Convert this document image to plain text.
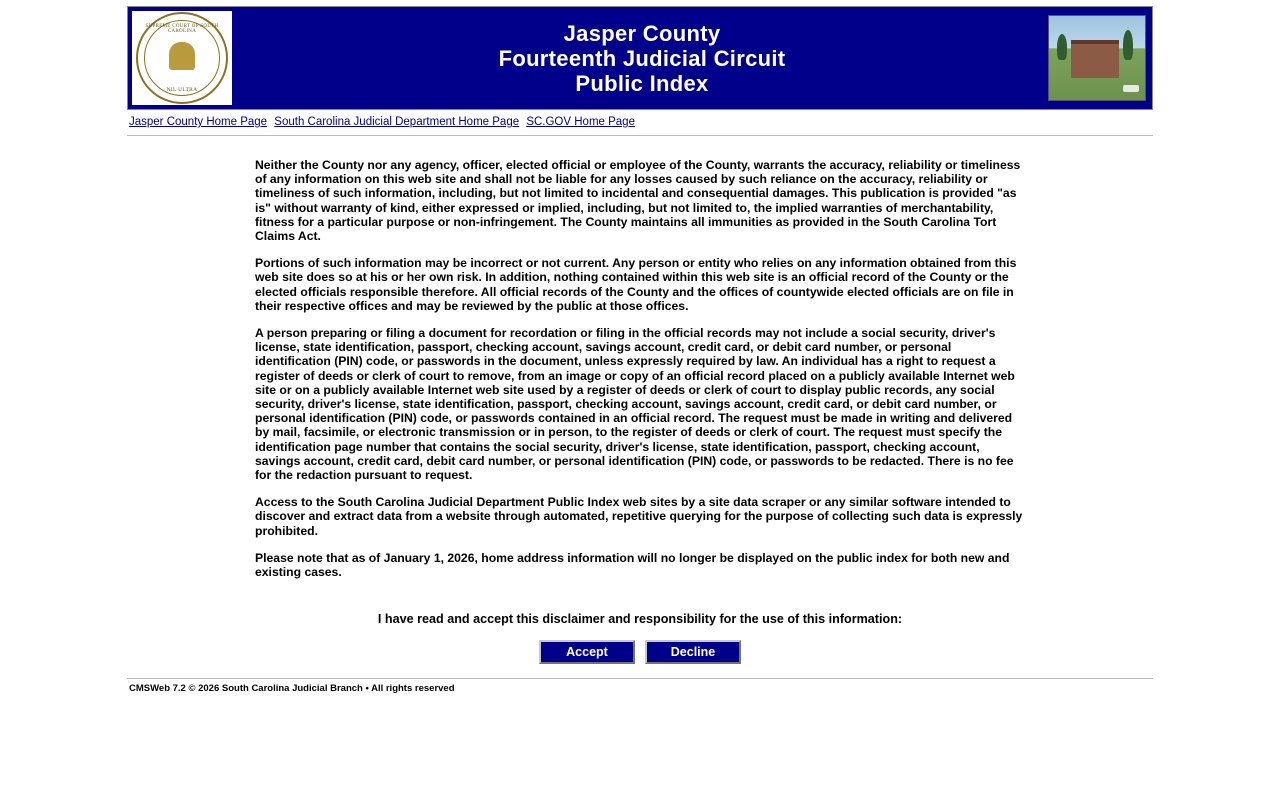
SUPREME COURT OF SOUTH CAROLINA
NIL ULTRA
Jasper County
Fourteenth Judicial Circuit
Public Index
Jasper County Home Page South Carolina Judicial Department Home Page SC.GOV Home Page

Neither the County nor any agency, officer, elected official or employee of the County, warrants the accuracy, reliability or timeliness of any information on this web site and shall not be liable for any losses caused by such reliance on the accuracy, reliability or timeliness of such information, including, but not limited to incidental and consequential damages. This publication is provided "as is" without warranty of kind, either expressed or implied, including, but not limited to, the implied warranties of merchantability, fitness for a particular purpose or non-infringement. The County maintains all immunities as provided in the South Carolina Tort Claims Act.

Portions of such information may be incorrect or not current. Any person or entity who relies on any information obtained from this web site does so at his or her own risk. In addition, nothing contained within this web site is an official record of the County or the elected officials responsible therefore. All official records of the County and the offices of countywide elected officials are on file in their respective offices and may be reviewed by the public at those offices.

A person preparing or filing a document for recordation or filing in the official records may not include a social security, driver's license, state identification, passport, checking account, savings account, credit card, or debit card number, or personal identification (PIN) code, or passwords in the document, unless expressly required by law. An individual has a right to request a register of deeds or clerk of court to remove, from an image or copy of an official record placed on a publicly available Internet web site or on a publicly available Internet web site used by a register of deeds or clerk of court to display public records, any social security, driver's license, state identification, passport, checking account, savings account, credit card, or debit card number, or personal identification (PIN) code, or passwords contained in an official record. The request must be made in writing and delivered by mail, facsimile, or electronic transmission or in person, to the register of deeds or clerk of court. The request must specify the identification page number that contains the social security, driver's license, state identification, passport, checking account, savings account, credit card, debit card number, or personal identification (PIN) code, or passwords to be redacted. There is no fee for the redaction pursuant to request.

Access to the South Carolina Judicial Department Public Index web sites by a site data scraper or any similar software intended to discover and extract data from a website through automated, repetitive querying for the purpose of collecting such data is expressly prohibited.

Please note that as of January 1, 2026, home address information will no longer be displayed on the public index for both new and existing cases.

I have read and accept this disclaimer and responsibility for the use of this information:
Accept	Decline
CMSWeb 7.2 © 2026 South Carolina Judicial Branch • All rights reserved
